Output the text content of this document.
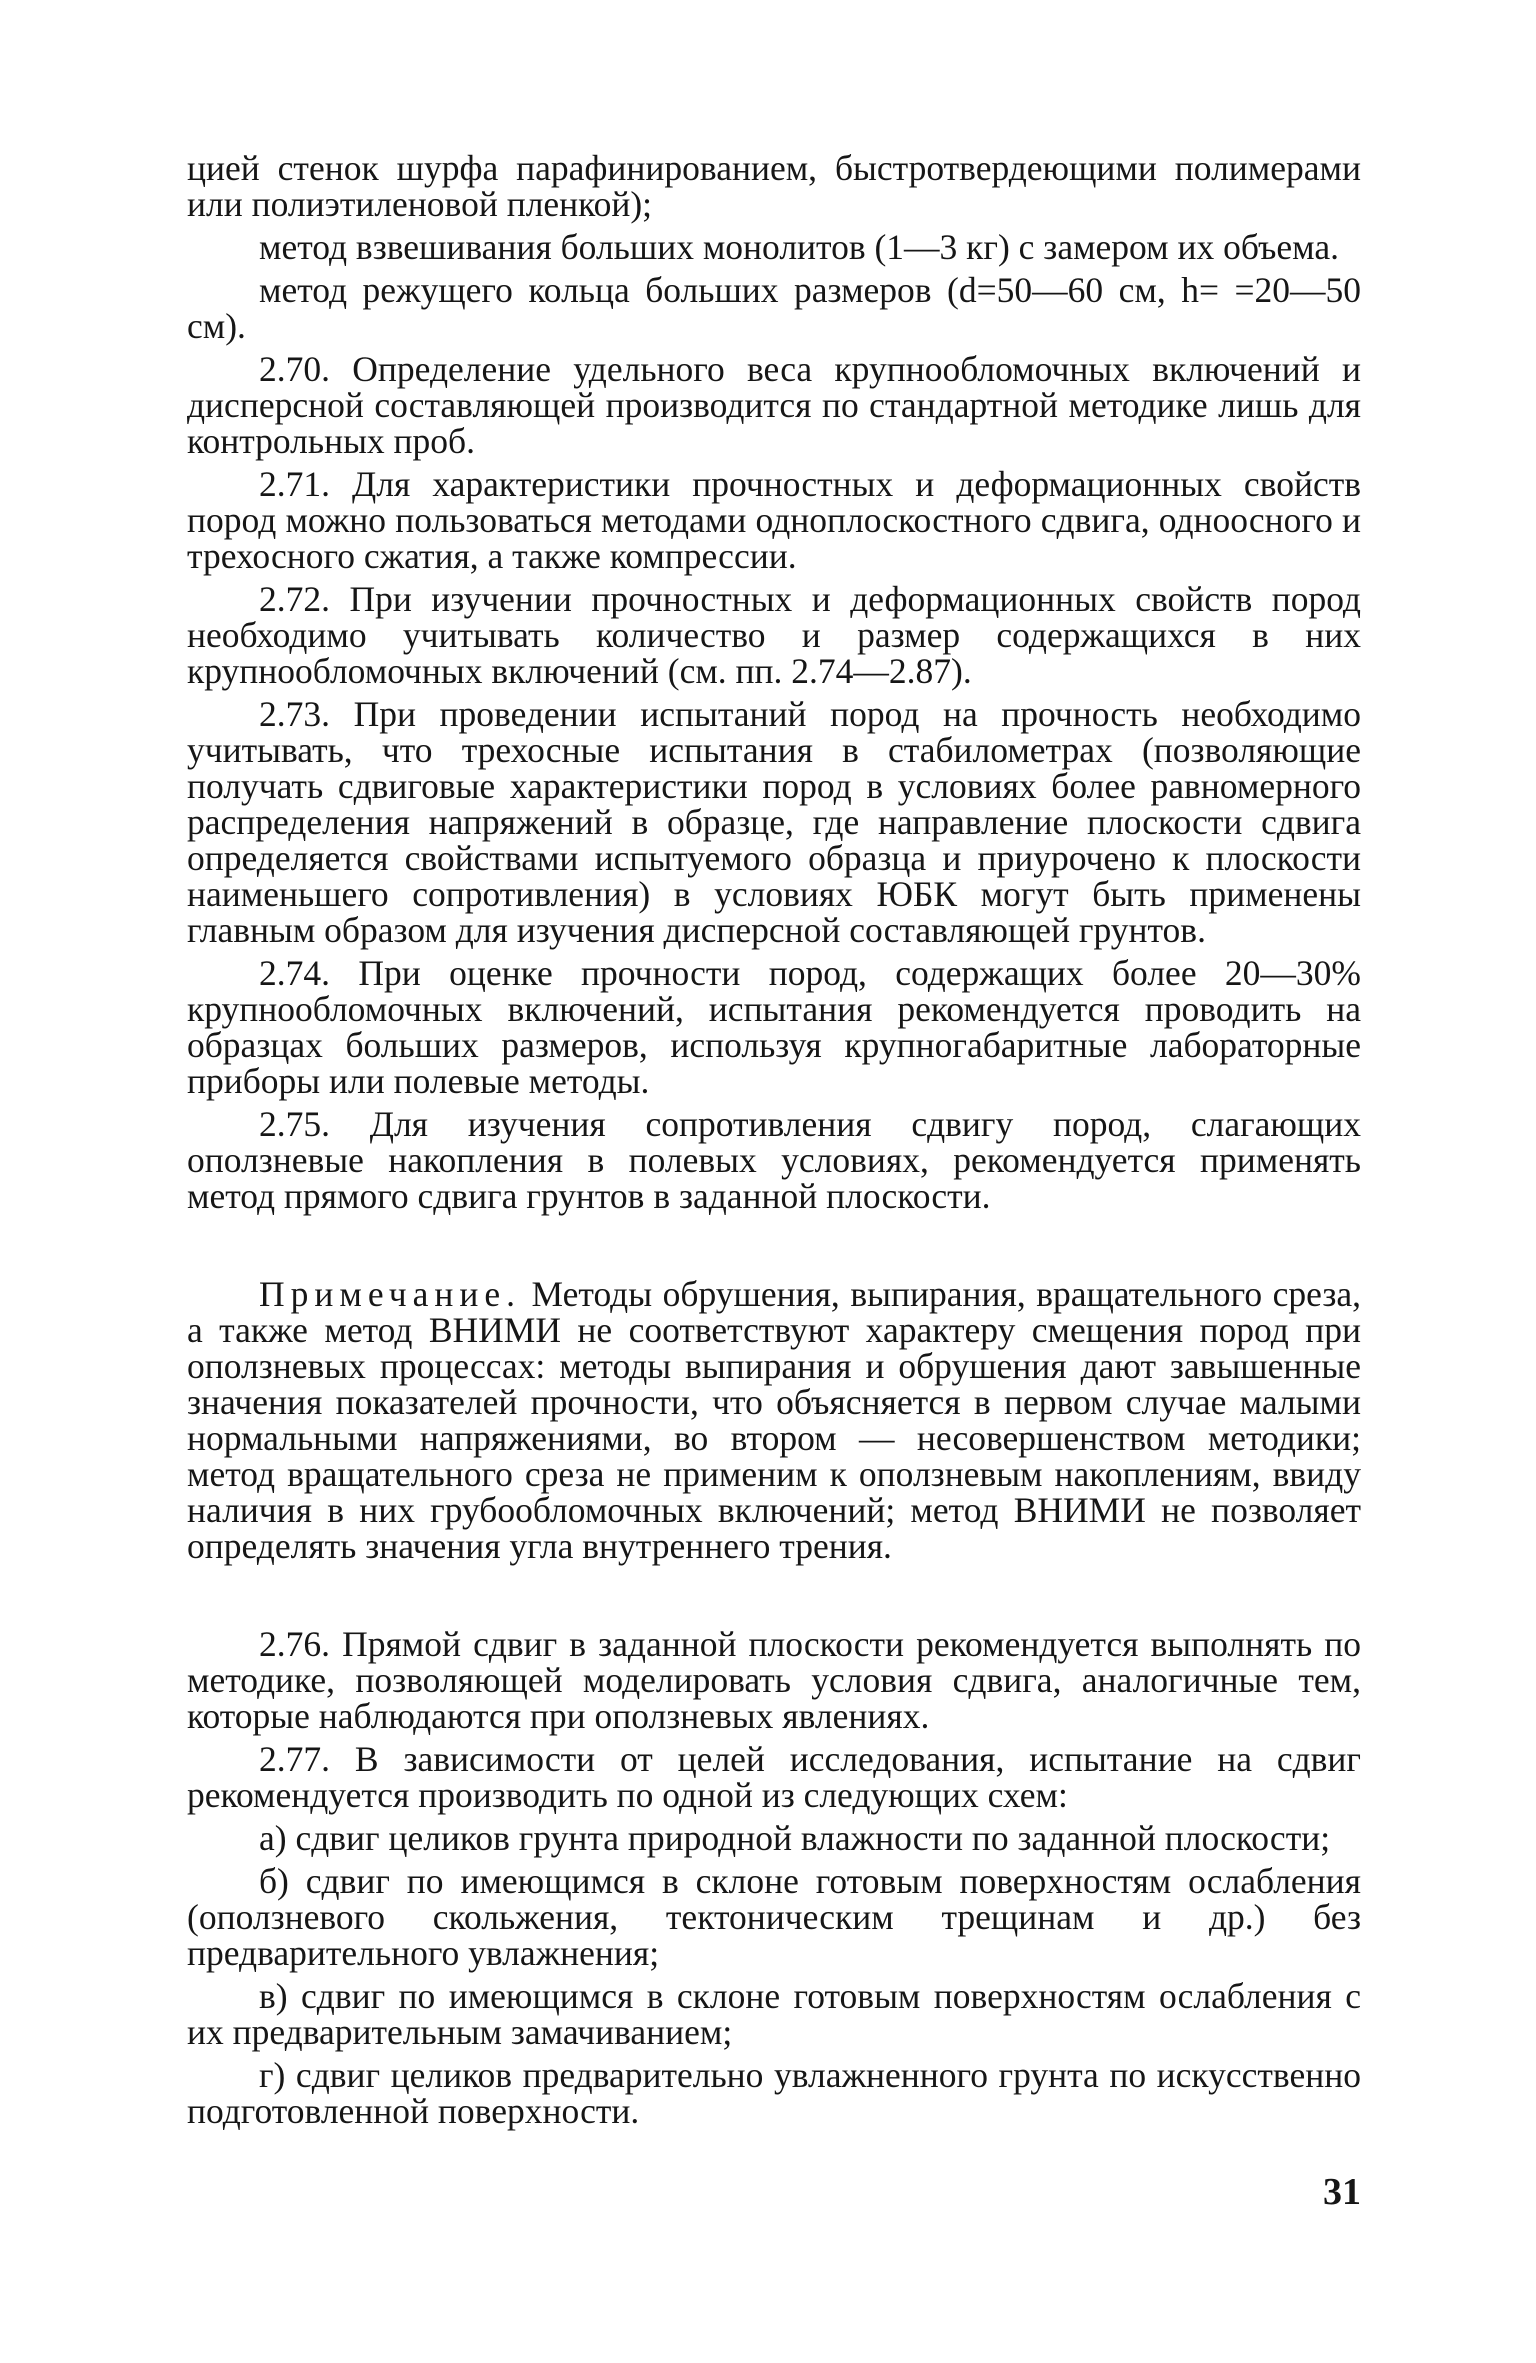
цией стенок шурфа парафинированием, быстротвердеющими полимерами или полиэтиленовой пленкой);

метод взвешивания больших монолитов (1—3 кг) с замером их объема.

метод режущего кольца больших размеров (d=50—60 см, h= =20—50 см).

2.70. Определение удельного веса крупнообломочных включений и дисперсной составляющей производится по стандартной методике лишь для контрольных проб.

2.71. Для характеристики прочностных и деформационных свойств пород можно пользоваться методами одноплоскостного сдвига, одноосного и трехосного сжатия, а также компрессии.

2.72. При изучении прочностных и деформационных свойств пород необходимо учитывать количество и размер содержащихся в них крупнообломочных включений (см. пп. 2.74—2.87).

2.73. При проведении испытаний пород на прочность необходимо учитывать, что трехосные испытания в стабилометрах (позволяющие получать сдвиговые характеристики пород в условиях более равномерного распределения напряжений в образце, где направление плоскости сдвига определяется свойствами испытуемого образца и приурочено к плоскости наименьшего сопротивления) в условиях ЮБК могут быть применены главным образом для изучения дисперсной составляющей грунтов.

2.74. При оценке прочности пород, содержащих более 20—30% крупнообломочных включений, испытания рекомендуется проводить на образцах больших размеров, используя крупногабаритные лабораторные приборы или полевые методы.

2.75. Для изучения сопротивления сдвигу пород, слагающих оползневые накопления в полевых условиях, рекомендуется применять метод прямого сдвига грунтов в заданной плоскости.

Примечание. Методы обрушения, выпирания, вращательного среза, а также метод ВНИМИ не соответствуют характеру смещения пород при оползневых процессах: методы выпирания и обрушения дают завышенные значения показателей прочности, что объясняется в первом случае малыми нормальными напряжениями, во втором — несовершенством методики; метод вращательного среза не применим к оползневым накоплениям, ввиду наличия в них грубообломочных включений; метод ВНИМИ не позволяет определять значения угла внутреннего трения.

2.76. Прямой сдвиг в заданной плоскости рекомендуется выполнять по методике, позволяющей моделировать условия сдвига, аналогичные тем, которые наблюдаются при оползневых явлениях.

2.77. В зависимости от целей исследования, испытание на сдвиг рекомендуется производить по одной из следующих схем:

а) сдвиг целиков грунта природной влажности по заданной плоскости;

б) сдвиг по имеющимся в склоне готовым поверхностям ослабления (оползневого скольжения, тектоническим трещинам и др.) без предварительного увлажнения;

в) сдвиг по имеющимся в склоне готовым поверхностям ослабления с их предварительным замачиванием;

г) сдвиг целиков предварительно увлажненного грунта по искусственно подготовленной поверхности.

31
